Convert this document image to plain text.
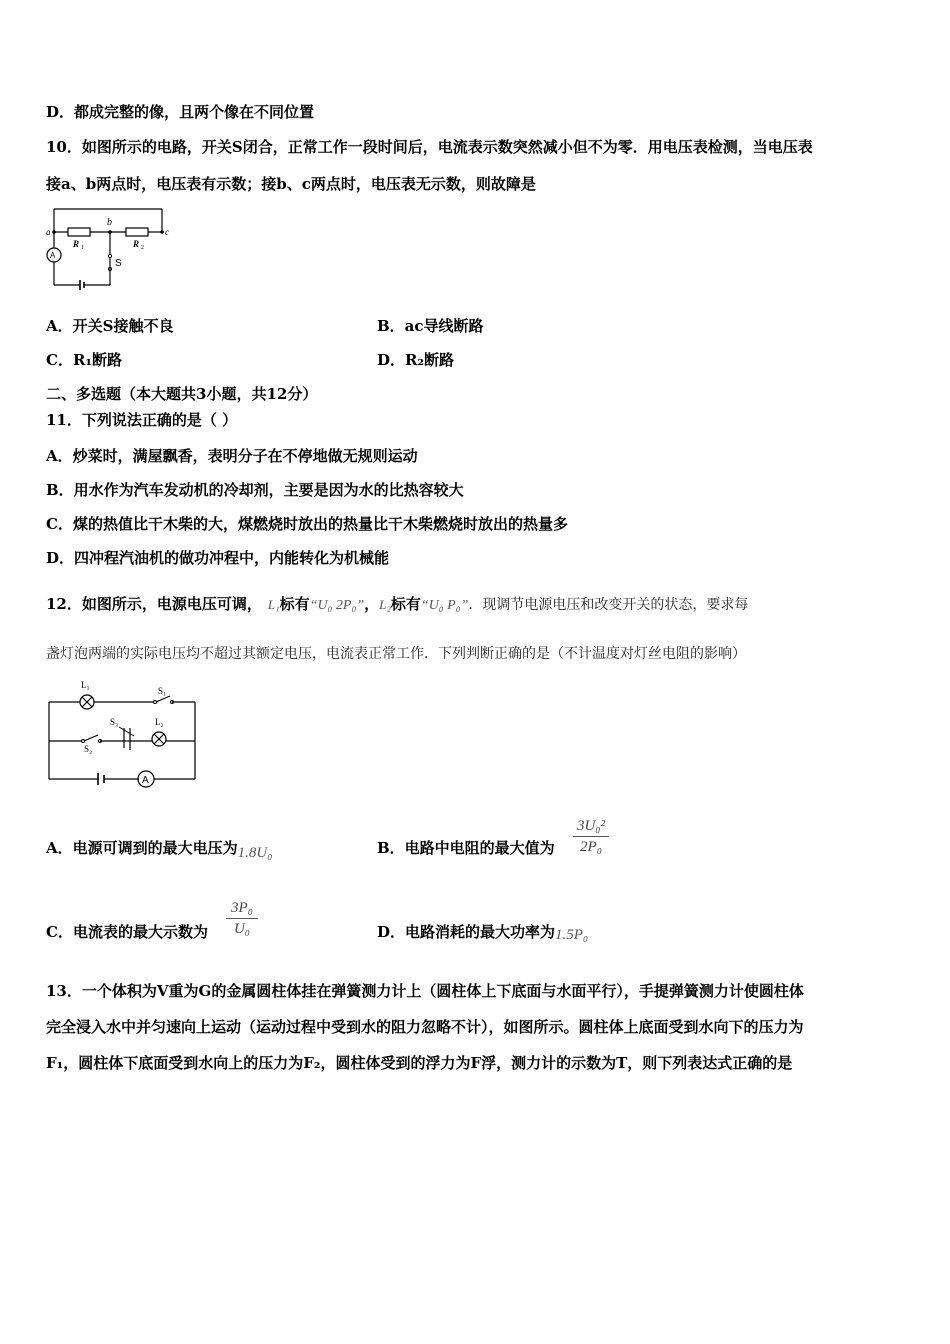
D．都成完整的像，且两个像在不同位置
10．如图所示的电路，开关S闭合，正常工作一段时间后，电流表示数突然减小但不为零．用电压表检测，当电压表
接a、b两点时，电压表有示数；接b、c两点时，电压表无示数，则故障是
a
b
c
R 1	R 2
A
S
A．开关S接触不良	B．ac导线断路
C．R₁断路	D．R₂断路
二、多选题（本大题共3小题，共12分）
11．下列说法正确的是（ ）
A．炒菜时，满屋飘香，表明分子在不停地做无规则运动
B．用水作为汽车发动机的冷却剂，主要是因为水的比热容较大
C．煤的热值比干木柴的大，煤燃烧时放出的热量比干木柴燃烧时放出的热量多
D．四冲程汽油机的做功冲程中，内能转化为机械能
12．如图所示，电源电压可调， L₁标有“U₀ 2P₀”，L₂标有“U₀ P₀”．现调节电源电压和改变开关的状态，要求每
盏灯泡两端的实际电压均不超过其额定电压，电流表正常工作．下列判断正确的是（不计温度对灯丝电阻的影响）
L₁
L₂
S₁
S₂
S₃
A
A．电源可调到的最大电压为1.8U₀	B．电路中电阻的最大值为
3U₀²
2P₀
C．电流表的最大示数为
3P₀
U₀	D．电路消耗的最大功率为1.5P₀
13．一个体积为V重为G的金属圆柱体挂在弹簧测力计上（圆柱体上下底面与水面平行），手提弹簧测力计使圆柱体
完全浸入水中并匀速向上运动（运动过程中受到水的阻力忽略不计），如图所示。圆柱体上底面受到水向下的压力为
F₁，圆柱体下底面受到水向上的压力为F₂，圆柱体受到的浮力为F浮，测力计的示数为T，则下列表达式正确的是
